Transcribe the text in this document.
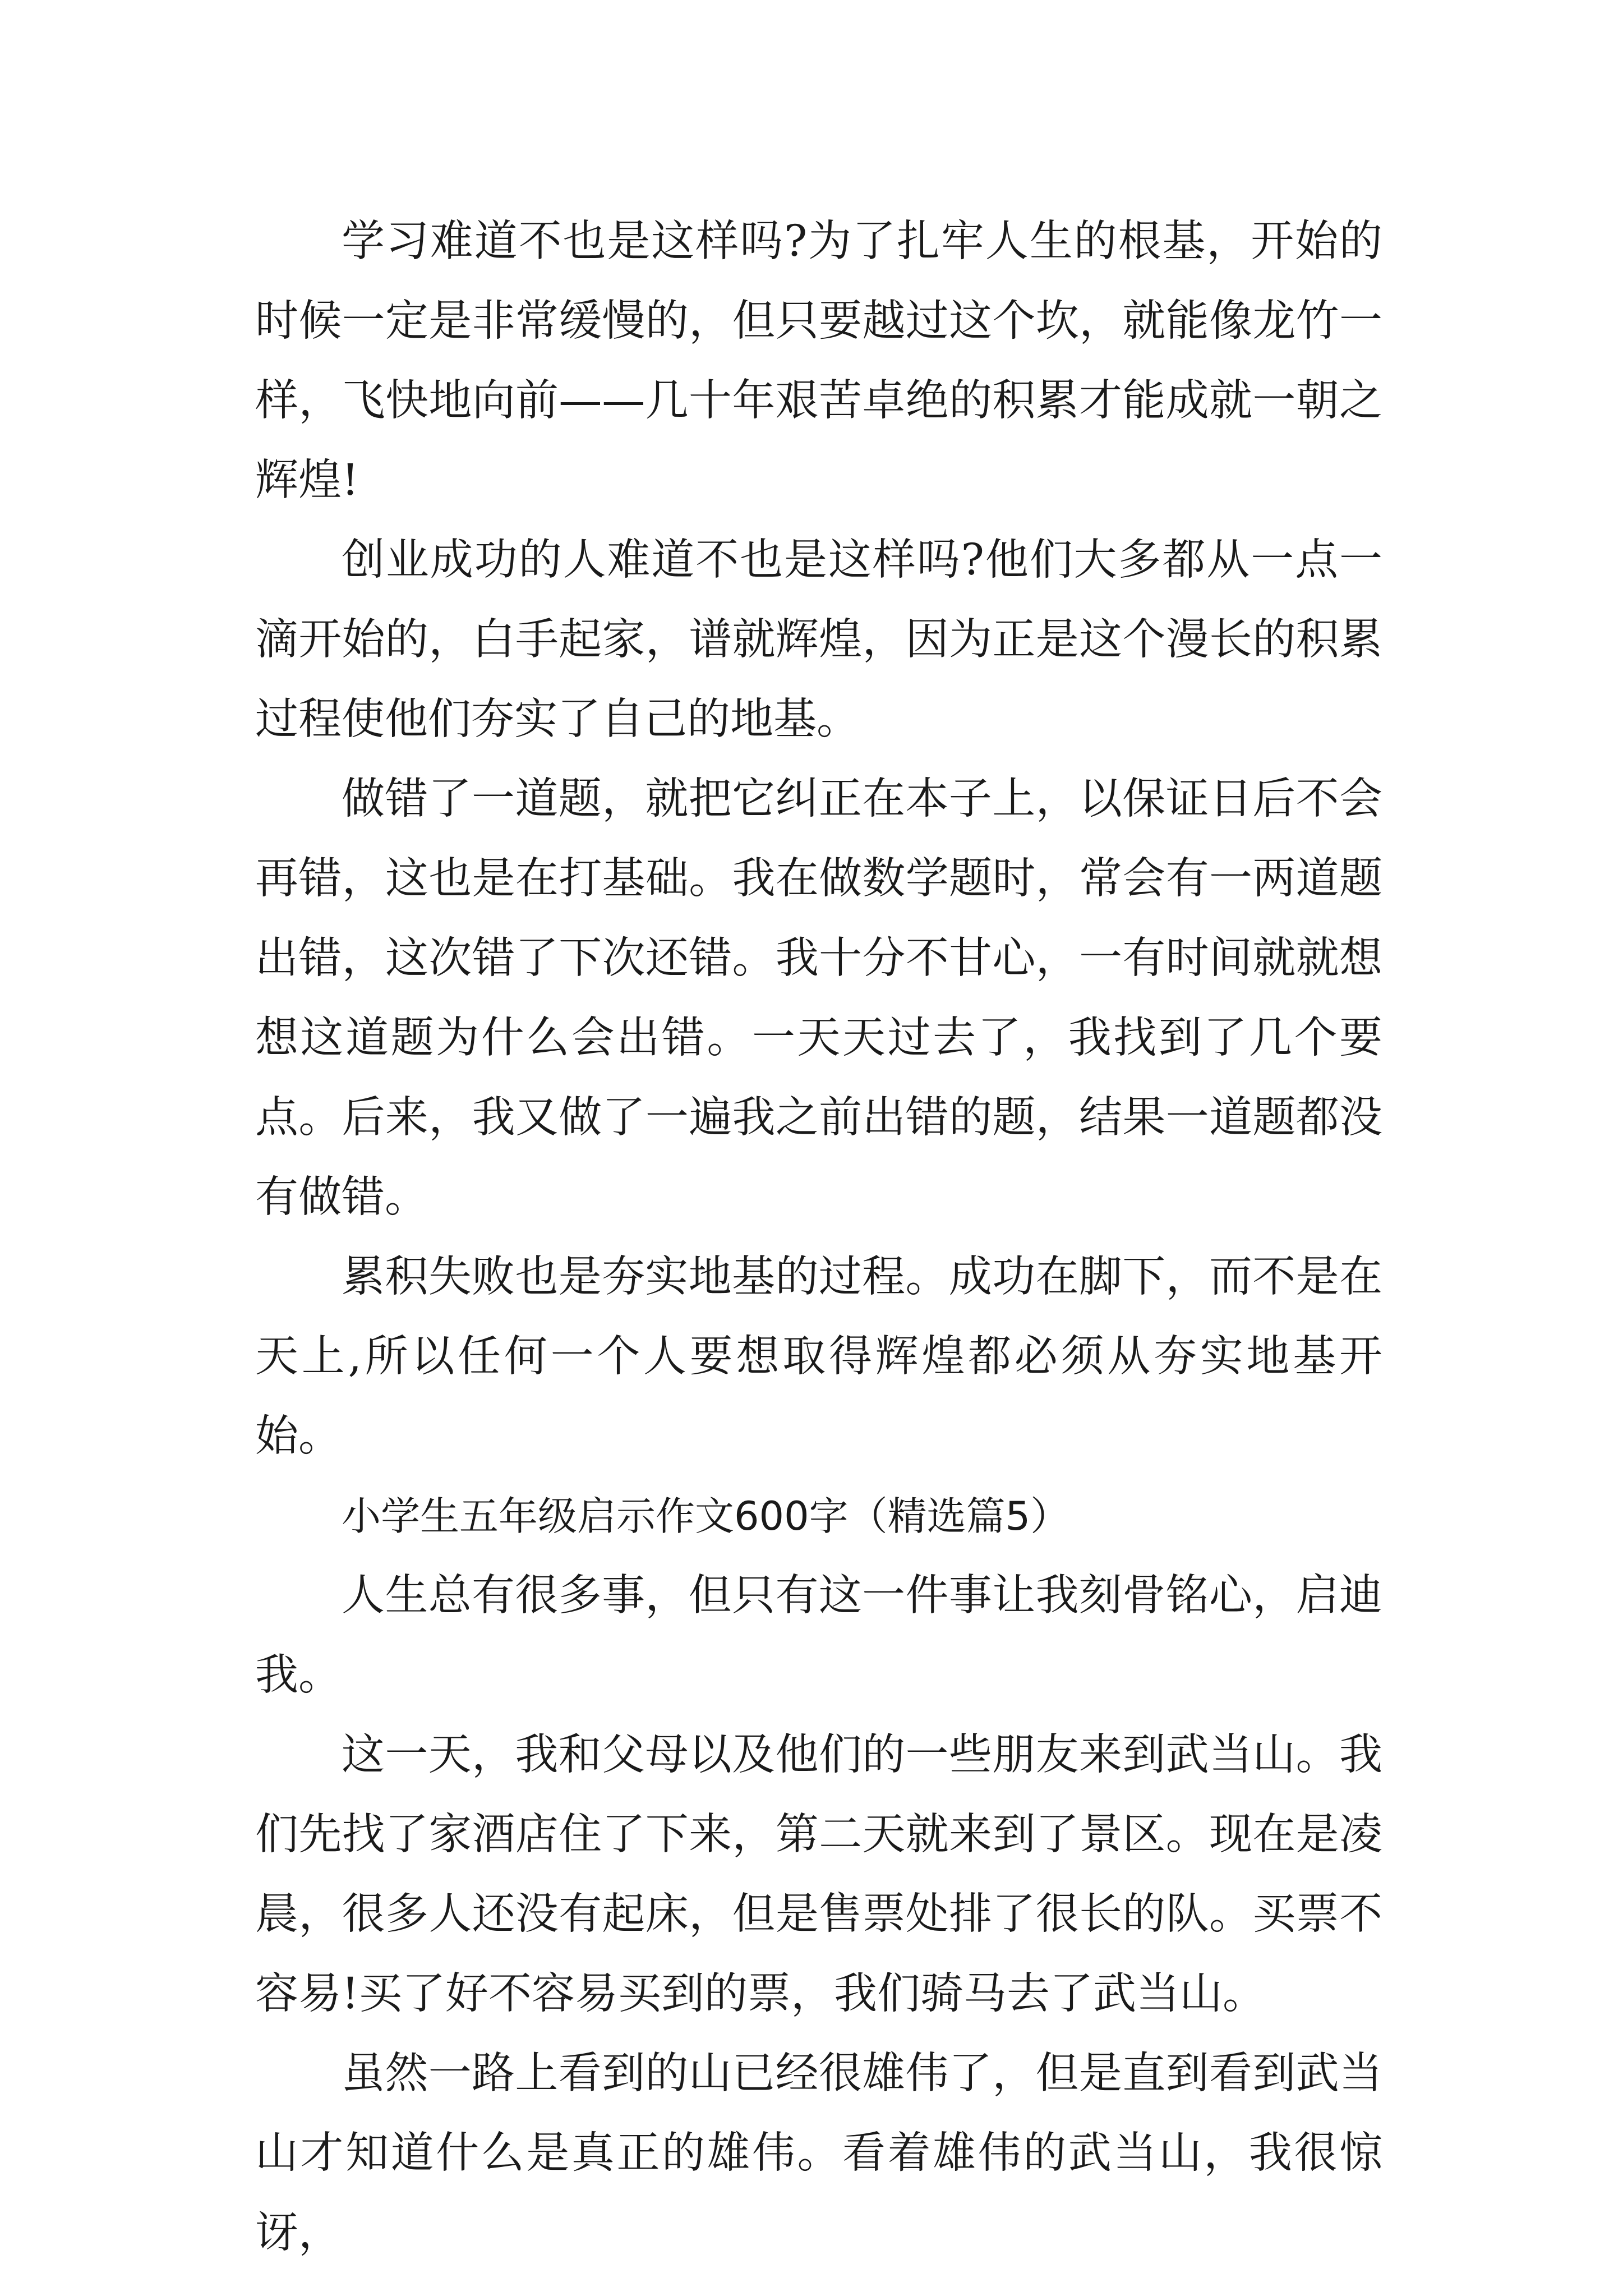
学习难道不也是这样吗?为了扎牢人生的根基，开始的时候一定是非常缓慢的，但只要越过这个坎，就能像龙竹一样，飞快地向前——几十年艰苦卓绝的积累才能成就一朝之辉煌!

创业成功的人难道不也是这样吗?他们大多都从一点一滴开始的，白手起家，谱就辉煌，因为正是这个漫长的积累过程使他们夯实了自己的地基。

做错了一道题，就把它纠正在本子上，以保证日后不会再错，这也是在打基础。我在做数学题时，常会有一两道题出错，这次错了下次还错。我十分不甘心，一有时间就就想想这道题为什么会出错。一天天过去了，我找到了几个要点。后来，我又做了一遍我之前出错的题，结果一道题都没有做错。

累积失败也是夯实地基的过程。成功在脚下，而不是在天上,所以任何一个人要想取得辉煌都必须从夯实地基开始。

小学生五年级启示作文600字（精选篇5）

人生总有很多事，但只有这一件事让我刻骨铭心，启迪我。

这一天，我和父母以及他们的一些朋友来到武当山。我们先找了家酒店住了下来，第二天就来到了景区。现在是凌晨，很多人还没有起床，但是售票处排了很长的队。买票不容易!买了好不容易买到的票，我们骑马去了武当山。

虽然一路上看到的山已经很雄伟了，但是直到看到武当山才知道什么是真正的雄伟。看着雄伟的武当山，我很惊讶，
